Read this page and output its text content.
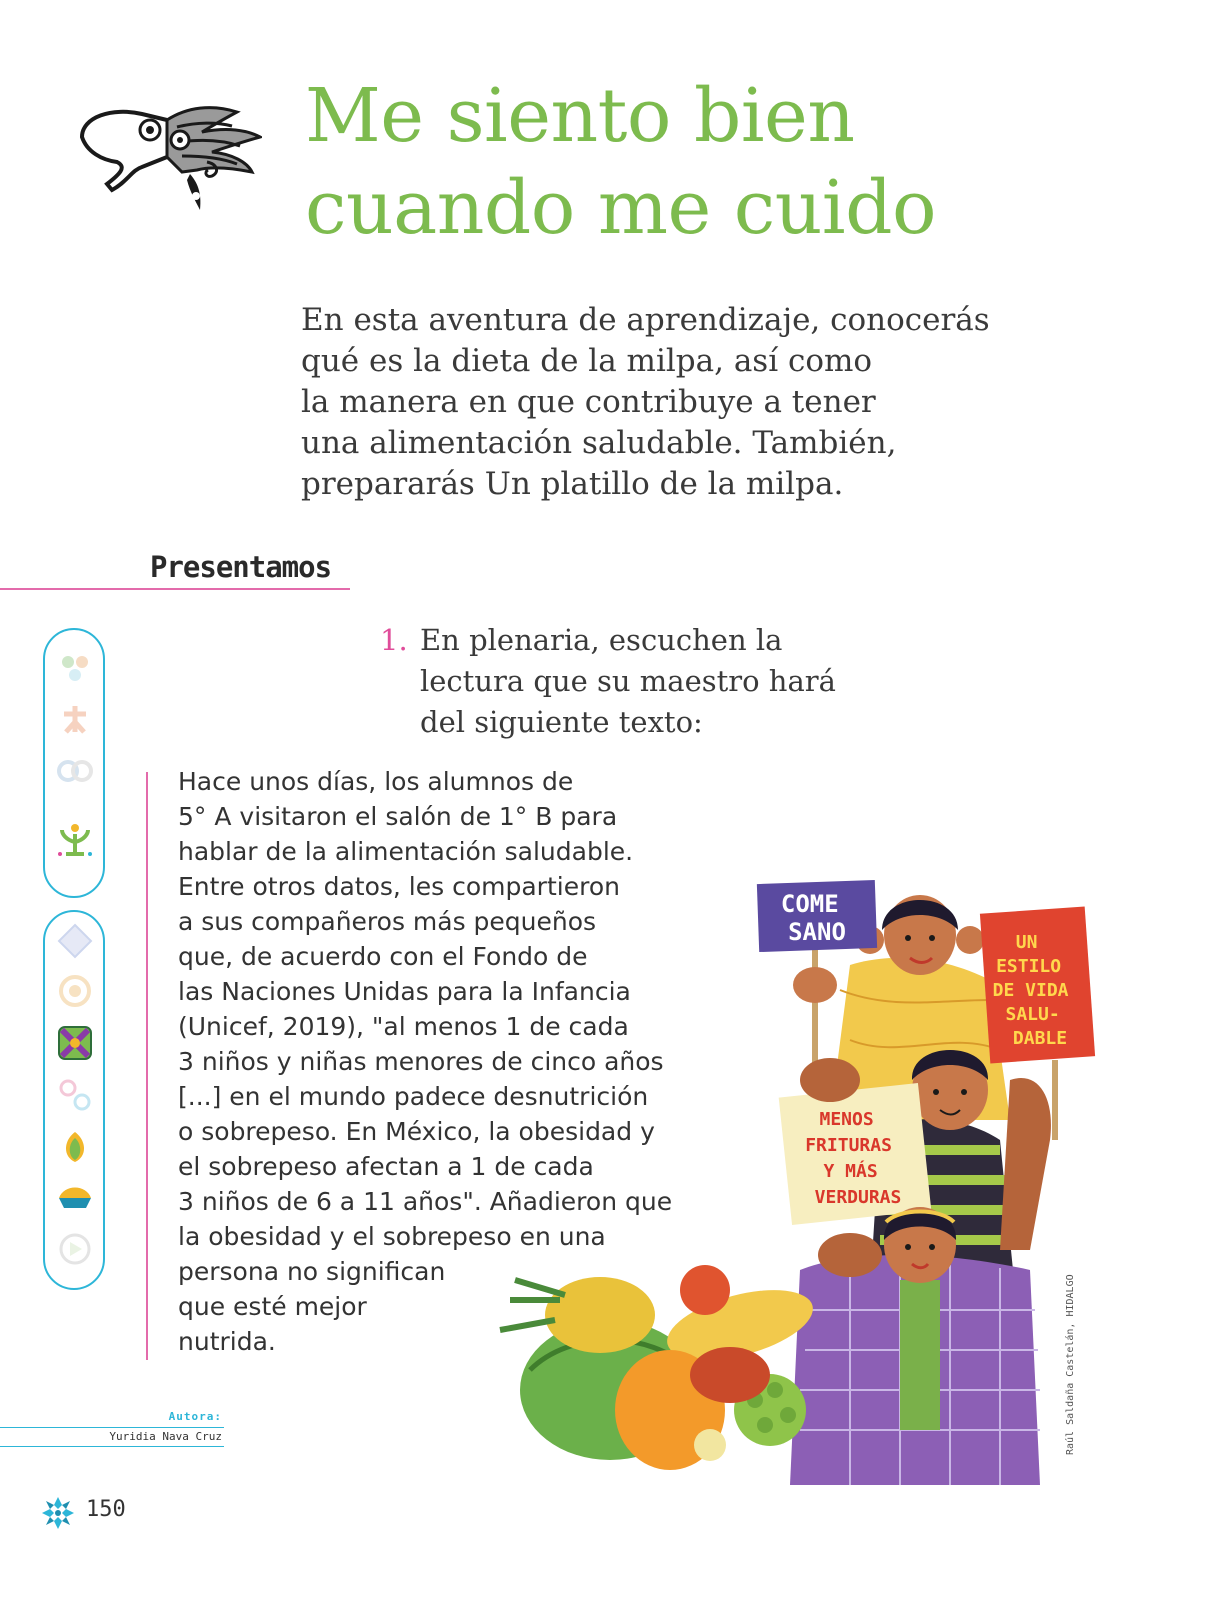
Me siento bien
cuando me cuido
En esta aventura de aprendizaje, conocerás
qué es la dieta de la milpa, así como
la manera en que contribuye a tener
una alimentación saludable. También,
prepararás Un platillo de la milpa.
Presentamos
1. En plenaria, escuchen la
lectura que su maestro hará
del siguiente texto:
Hace unos días, los alumnos de
5° A visitaron el salón de 1° B para
hablar de la alimentación saludable.
Entre otros datos, les compartieron
a sus compañeros más pequeños
que, de acuerdo con el Fondo de
las Naciones Unidas para la Infancia
(Unicef, 2019), "al menos 1 de cada
3 niños y niñas menores de cinco años
[...] en el mundo padece desnutrición
o sobrepeso. En México, la obesidad y
el sobrepeso afectan a 1 de cada
3 niños de 6 a 11 años". Añadieron que
la obesidad y el sobrepeso en una
persona no significan
que esté mejor
nutrida.
COME SANO	UN ESTILO DE VIDA SALU- DABLE
MENOS FRITURAS Y MÁS VERDURAS
Raúl Saldaña Castelán, HIDALGO
Autora:
Yuridia Nava Cruz
150
